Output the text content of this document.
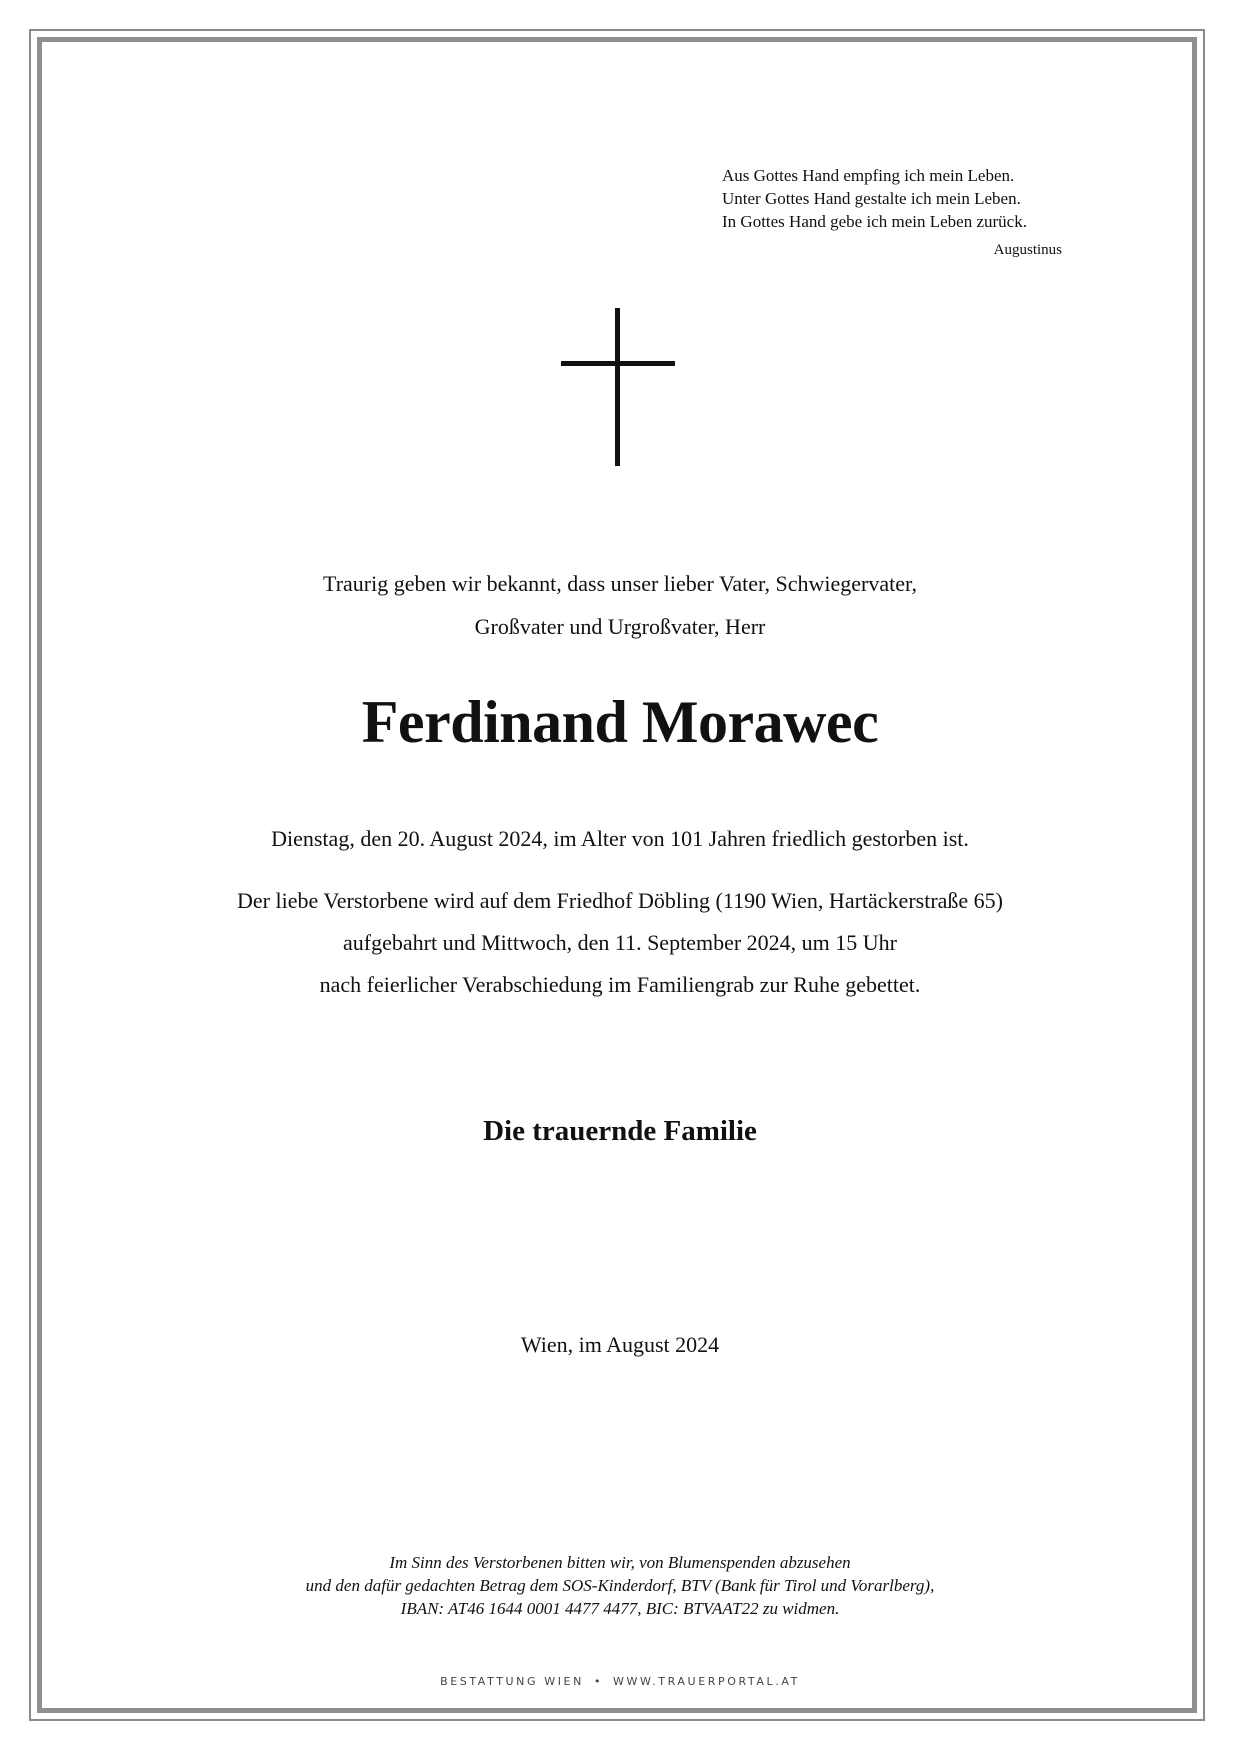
Aus Gottes Hand empfing ich mein Leben.
Unter Gottes Hand gestalte ich mein Leben.
In Gottes Hand gebe ich mein Leben zurück.
Augustinus
Traurig geben wir bekannt, dass unser lieber Vater, Schwiegervater,
Großvater und Urgroßvater, Herr
Ferdinand Morawec
Dienstag, den 20. August 2024, im Alter von 101 Jahren friedlich gestorben ist.
Der liebe Verstorbene wird auf dem Friedhof Döbling (1190 Wien, Hartäckerstraße 65)
aufgebahrt und Mittwoch, den 11. September 2024, um 15 Uhr
nach feierlicher Verabschiedung im Familiengrab zur Ruhe gebettet.
Die trauernde Familie
Wien, im August 2024
Im Sinn des Verstorbenen bitten wir, von Blumenspenden abzusehen
und den dafür gedachten Betrag dem SOS-Kinderdorf, BTV (Bank für Tirol und Vorarlberg),
IBAN: AT46 1644 0001 4477 4477, BIC: BTVAAT22 zu widmen.
BESTATTUNG WIEN • WWW.TRAUERPORTAL.AT
